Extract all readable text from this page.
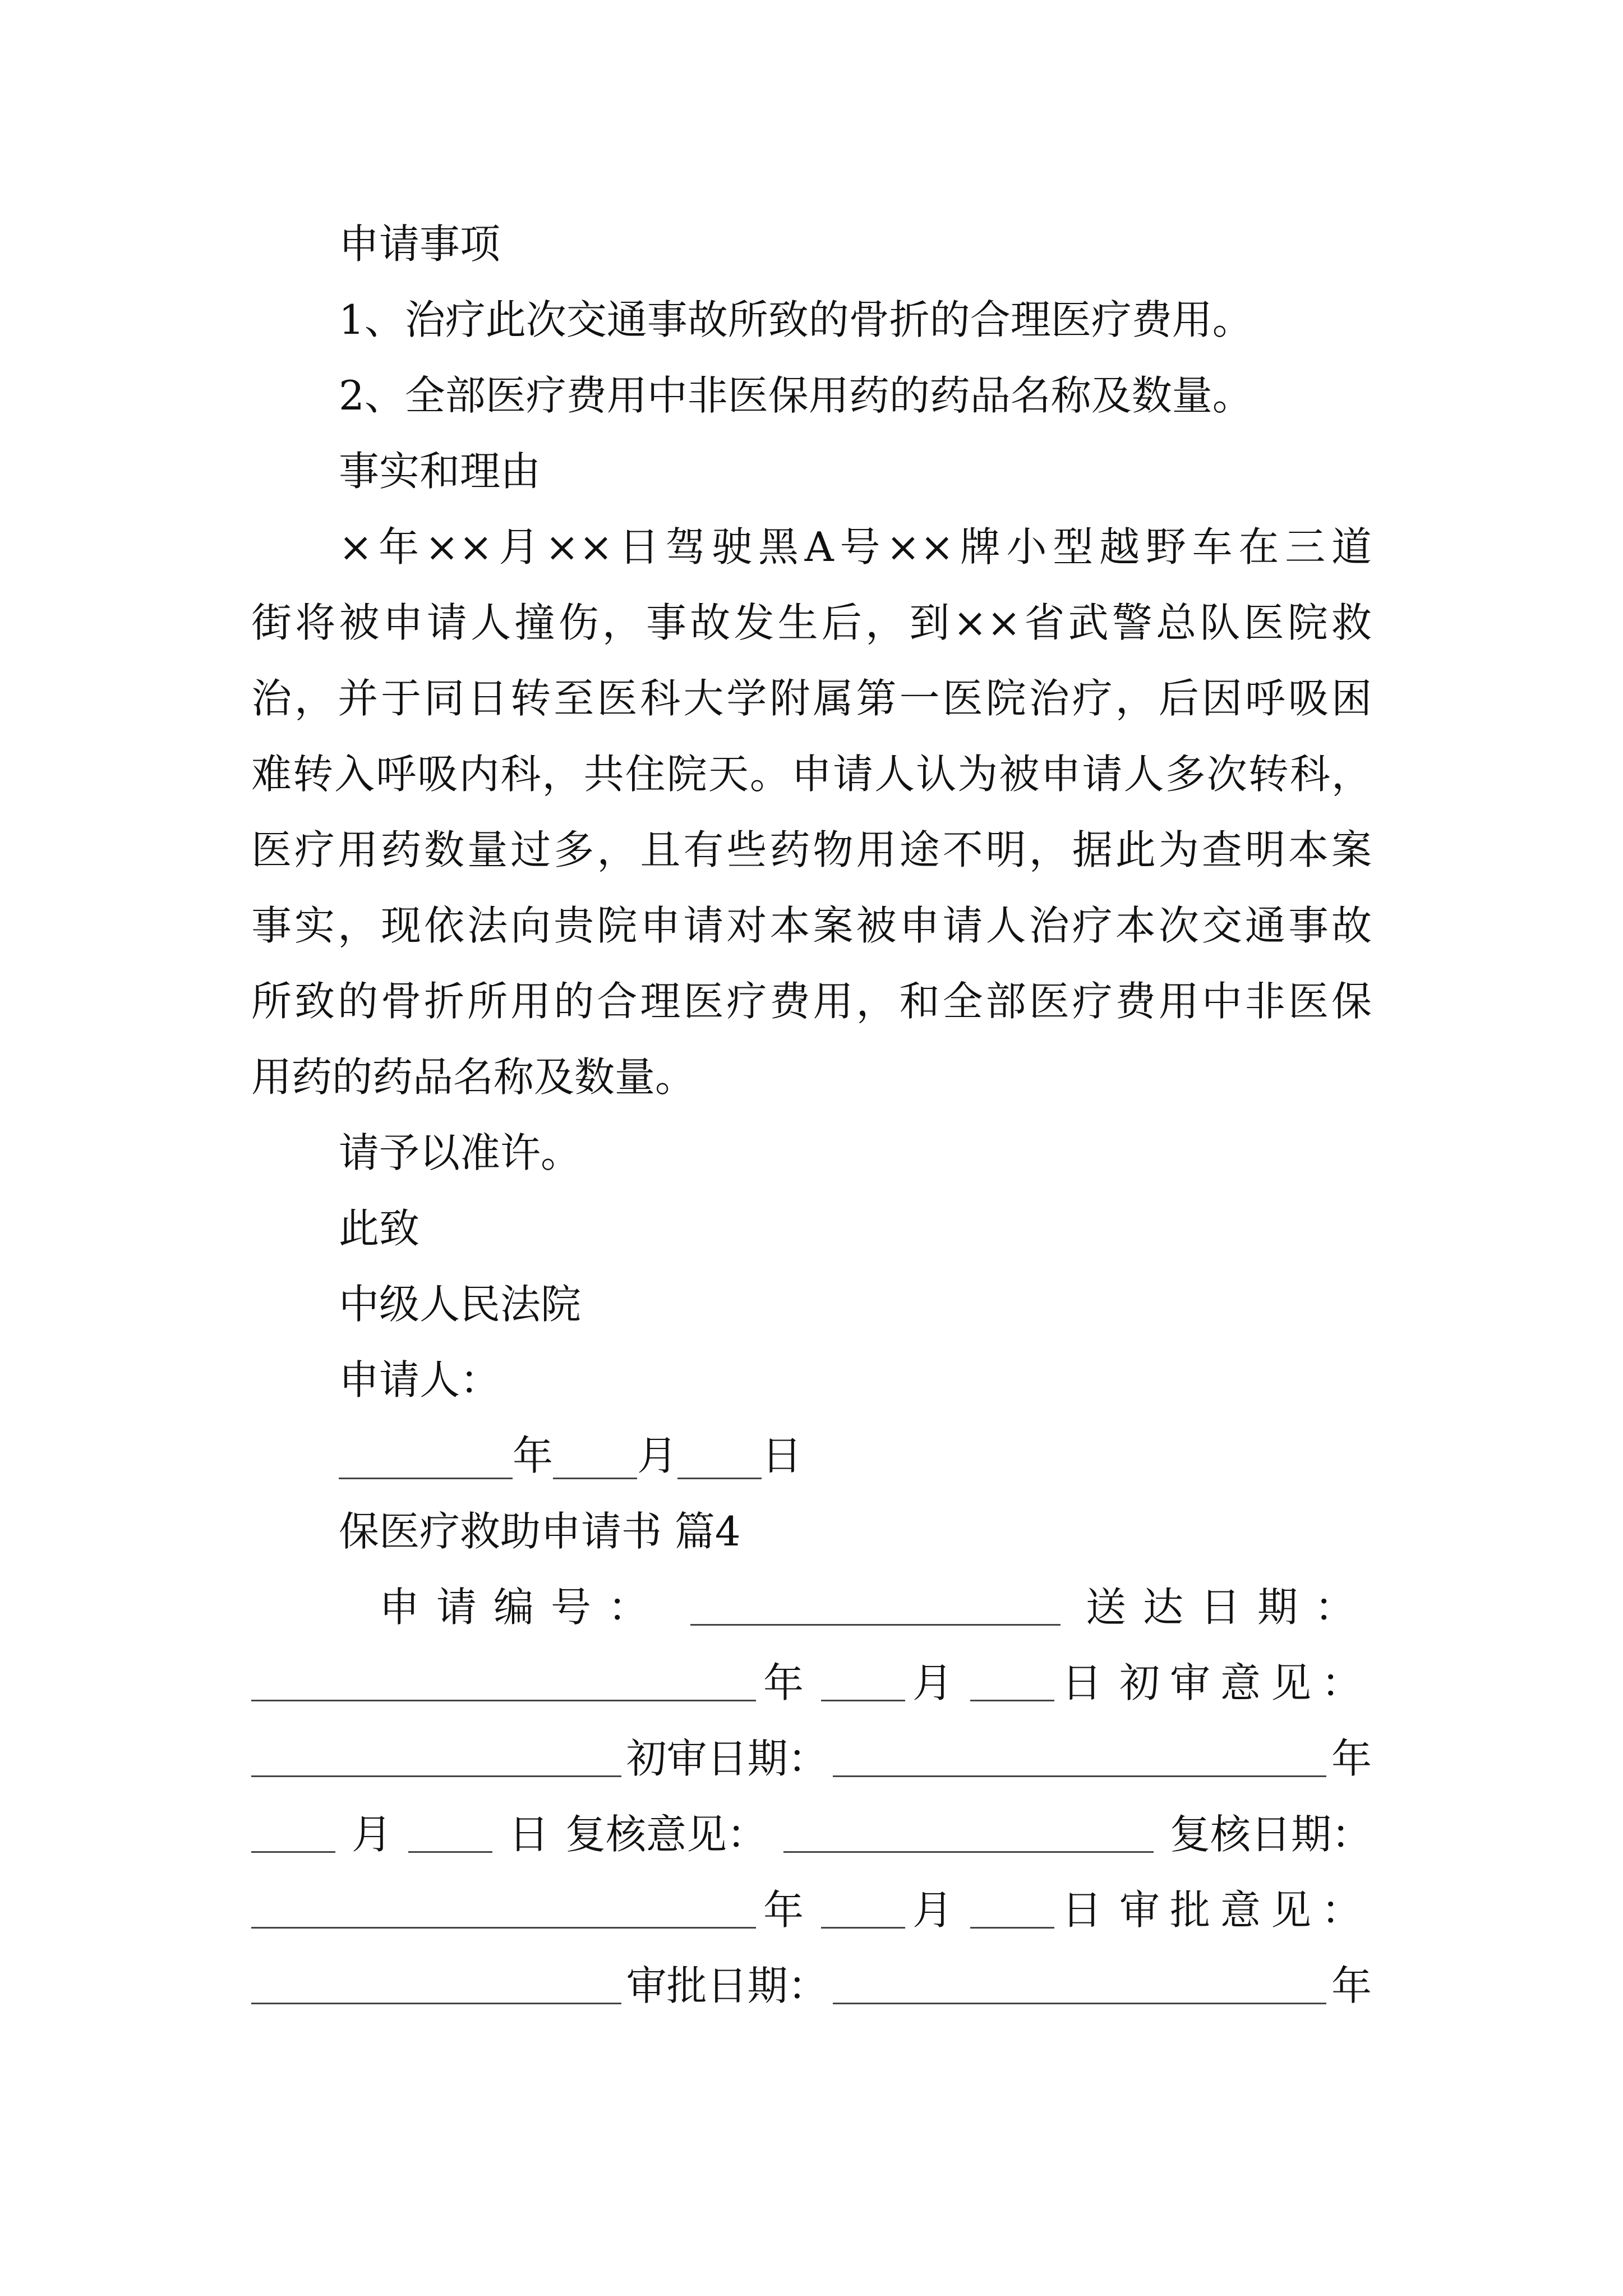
申请事项
1、治疗此次交通事故所致的骨折的合理医疗费用。
2、全部医疗费用中非医保用药的药品名称及数量。
事实和理由
×年××月××日驾驶黑A号××牌小型越野车在三道
街将被申请人撞伤，事故发生后，到××省武警总队医院救
治，并于同日转至医科大学附属第一医院治疗，后因呼吸困
难转入呼吸内科，共住院天。申请人认为被申请人多次转科，
医疗用药数量过多，且有些药物用途不明，据此为查明本案
事实，现依法向贵院申请对本案被申请人治疗本次交通事故
所致的骨折所用的合理医疗费用，和全部医疗费用中非医保
用药的药品名称及数量。
请予以准许。
此致
中级人民法院
申请人：
年 月 日
保医疗救助申请书 篇4
申请编号：	送达日期：
年 月 日 初审意见：
初审日期：	年
月	日 复核意见：	复核日期：
年 月 日 审批意见：
审批日期：	年
